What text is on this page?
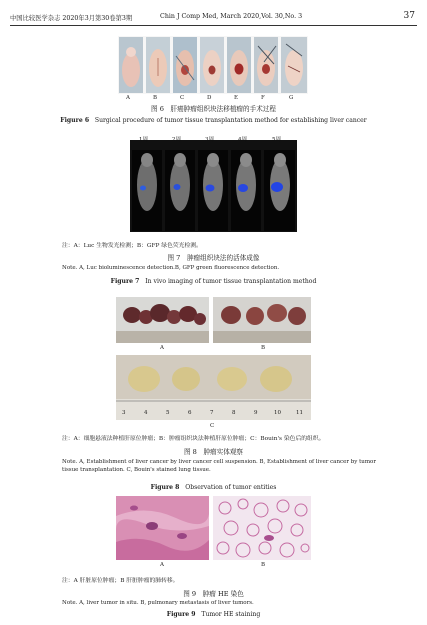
中国比较医学杂志 2020年3月第30卷第3期	Chin J Comp Med, March 2020,Vol. 30,No. 3	37
A	B	C	D	E	F	G
图 6　肝癌肿瘤组织块法移植瘤的手术过程
Figure 6 Surgical procedure of tumor tissue transplantation method for establishing liver cancer
1周	2周	3周	4周	5周
注：A：Luc 生物发光检测；B：GFP 绿色荧光检测。
图 7　肿瘤组织块法的活体成像
Note. A, Luc bioluminescence detection.B, GFP green fluorescence detection.
Figure 7 In vivo imaging of tumor tissue transplantation method
A	B
3	4	5	6	7	8	9	10	11
C
注：A：细胞悬液法种植肝原位肿瘤；B：肿瘤组织块法种植肝原位肿瘤；C：Bouin's 染色后的组织。
图 8　肿瘤实体观察
Note. A, Establishment of liver cancer by liver cancer cell suspension. B, Establishment of liver cancer by tumor tissue transplantation. C, Bouin's stained lung tissue.
Figure 8 Observation of tumor entities
A	B
注：A 肝脏原位肿瘤；B 肝脏肿瘤的肺转移。
图 9　肿瘤 HE 染色
Note. A, liver tumor in situ. B, pulmonary metastasis of liver tumors.
Figure 9 Tumor HE staining
